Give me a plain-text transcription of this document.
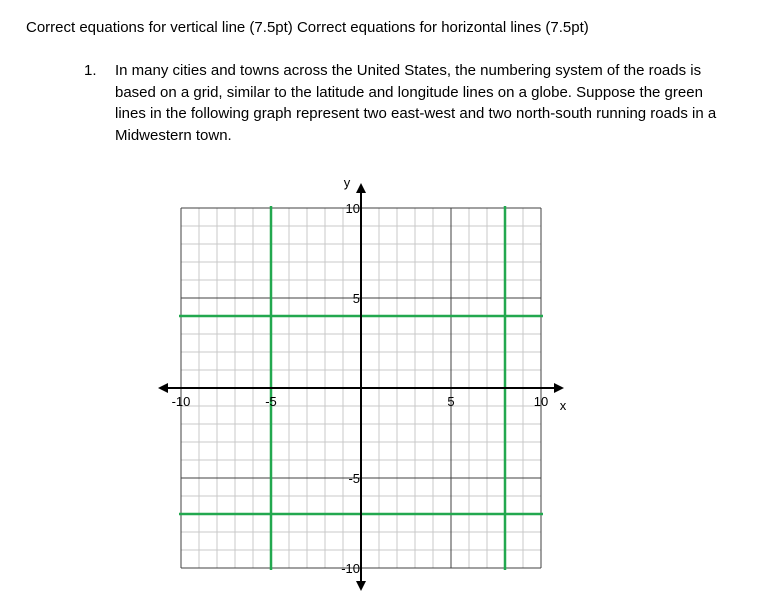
Correct equations for vertical line (7.5pt) Correct equations for horizontal lines (7.5pt)
1. In many cities and towns across the United States, the numbering system of the roads is based on a grid, similar to the latitude and longitude lines on a globe. Suppose the green lines in the following graph represent two east-west and two north-south running roads in a Midwestern town.
-10	-5	5	10
10
5
-5
-10
x
y
